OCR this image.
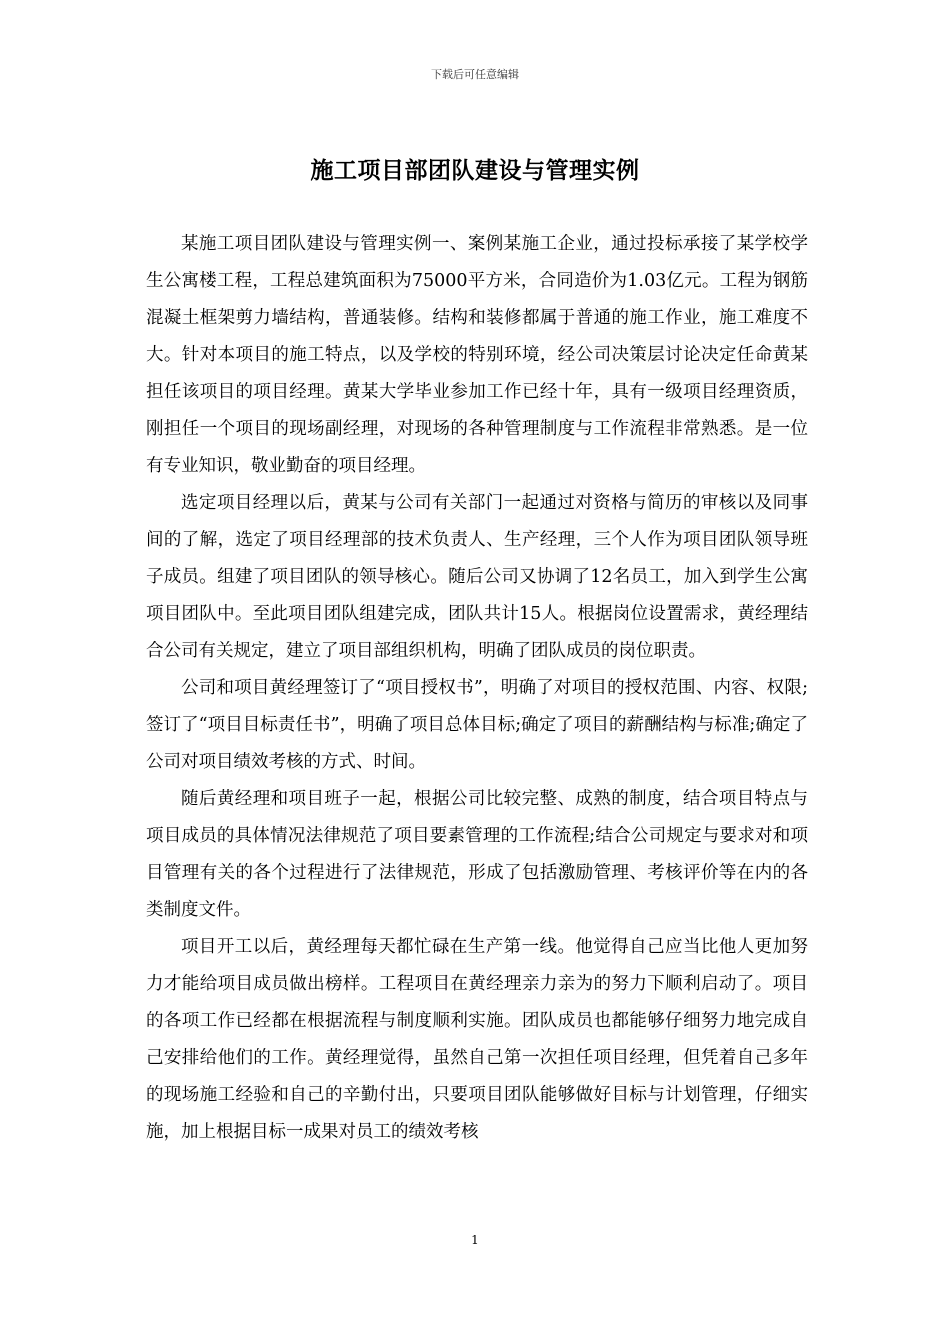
下载后可任意编辑
施工项目部团队建设与管理实例

某施工项目团队建设与管理实例一、案例某施工企业，通过投标承接了某学校学生公寓楼工程，工程总建筑面积为75000平方米，合同造价为1.03亿元。工程为钢筋混凝土框架剪力墙结构，普通装修。结构和装修都属于普通的施工作业，施工难度不大。针对本项目的施工特点，以及学校的特别环境，经公司决策层讨论决定任命黄某担任该项目的项目经理。黄某大学毕业参加工作已经十年，具有一级项目经理资质，刚担任一个项目的现场副经理，对现场的各种管理制度与工作流程非常熟悉。是一位有专业知识，敬业勤奋的项目经理。

选定项目经理以后，黄某与公司有关部门一起通过对资格与简历的审核以及同事间的了解，选定了项目经理部的技术负责人、生产经理，三个人作为项目团队领导班子成员。组建了项目团队的领导核心。随后公司又协调了12名员工，加入到学生公寓项目团队中。至此项目团队组建完成，团队共计15人。根据岗位设置需求，黄经理结合公司有关规定，建立了项目部组织机构，明确了团队成员的岗位职责。

公司和项目黄经理签订了“项目授权书”，明确了对项目的授权范围、内容、权限;签订了“项目目标责任书”，明确了项目总体目标;确定了项目的薪酬结构与标准;确定了公司对项目绩效考核的方式、时间。

随后黄经理和项目班子一起，根据公司比较完整、成熟的制度，结合项目特点与项目成员的具体情况法律规范了项目要素管理的工作流程;结合公司规定与要求对和项目管理有关的各个过程进行了法律规范，形成了包括激励管理、考核评价等在内的各类制度文件。

项目开工以后，黄经理每天都忙碌在生产第一线。他觉得自己应当比他人更加努力才能给项目成员做出榜样。工程项目在黄经理亲力亲为的努力下顺利启动了。项目的各项工作已经都在根据流程与制度顺利实施。团队成员也都能够仔细努力地完成自己安排给他们的工作。黄经理觉得，虽然自己第一次担任项目经理，但凭着自己多年的现场施工经验和自己的辛勤付出，只要项目团队能够做好目标与计划管理，仔细实施，加上根据目标一成果对员工的绩效考核

1
